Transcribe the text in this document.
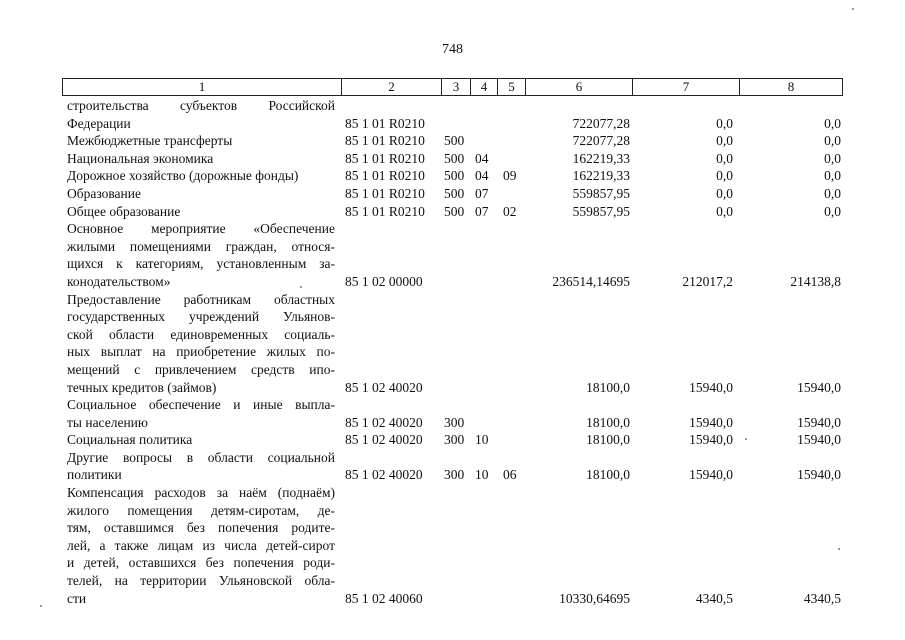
748
1	2	3	4	5	6	7	8
строительства субъектов Российской
Федерации	85 1 01 R0210	722077,28	0,0	0,0
Межбюджетные трансферты	85 1 01 R0210 500	722077,28	0,0	0,0
Национальная экономика	85 1 01 R0210 500 04	162219,33	0,0	0,0
Дорожное хозяйство (дорожные фонды)	85 1 01 R0210 500 04 09	162219,33	0,0	0,0
Образование	85 1 01 R0210 500 07	559857,95	0,0	0,0
Общее образование	85 1 01 R0210 500 07 02	559857,95	0,0	0,0
Основное мероприятие «Обеспечение
жилыми помещениями граждан, относя-
щихся к категориям, установленным за-
конодательством»	85 1 02 00000	236514,14695	212017,2	214138,8
Предоставление работникам областных
государственных учреждений Ульянов-
ской области единовременных социаль-
ных выплат на приобретение жилых по-
мещений с привлечением средств ипо-
течных кредитов (займов)	85 1 02 40020	18100,0	15940,0	15940,0
Социальное обеспечение и иные выпла-
ты населению	85 1 02 40020 300	18100,0	15940,0	15940,0
Социальная политика	85 1 02 40020 300 10	18100,0	15940,0	15940,0
Другие вопросы в области социальной
политики	85 1 02 40020 300 10 06	18100,0	15940,0	15940,0
Компенсация расходов за наём (поднаём)
жилого помещения детям-сиротам, де-
тям, оставшимся без попечения родите-
лей, а также лицам из числа детей-сирот
и детей, оставшихся без попечения роди-
телей, на территории Ульяновской обла-
сти	85 1 02 40060	10330,64695	4340,5	4340,5
